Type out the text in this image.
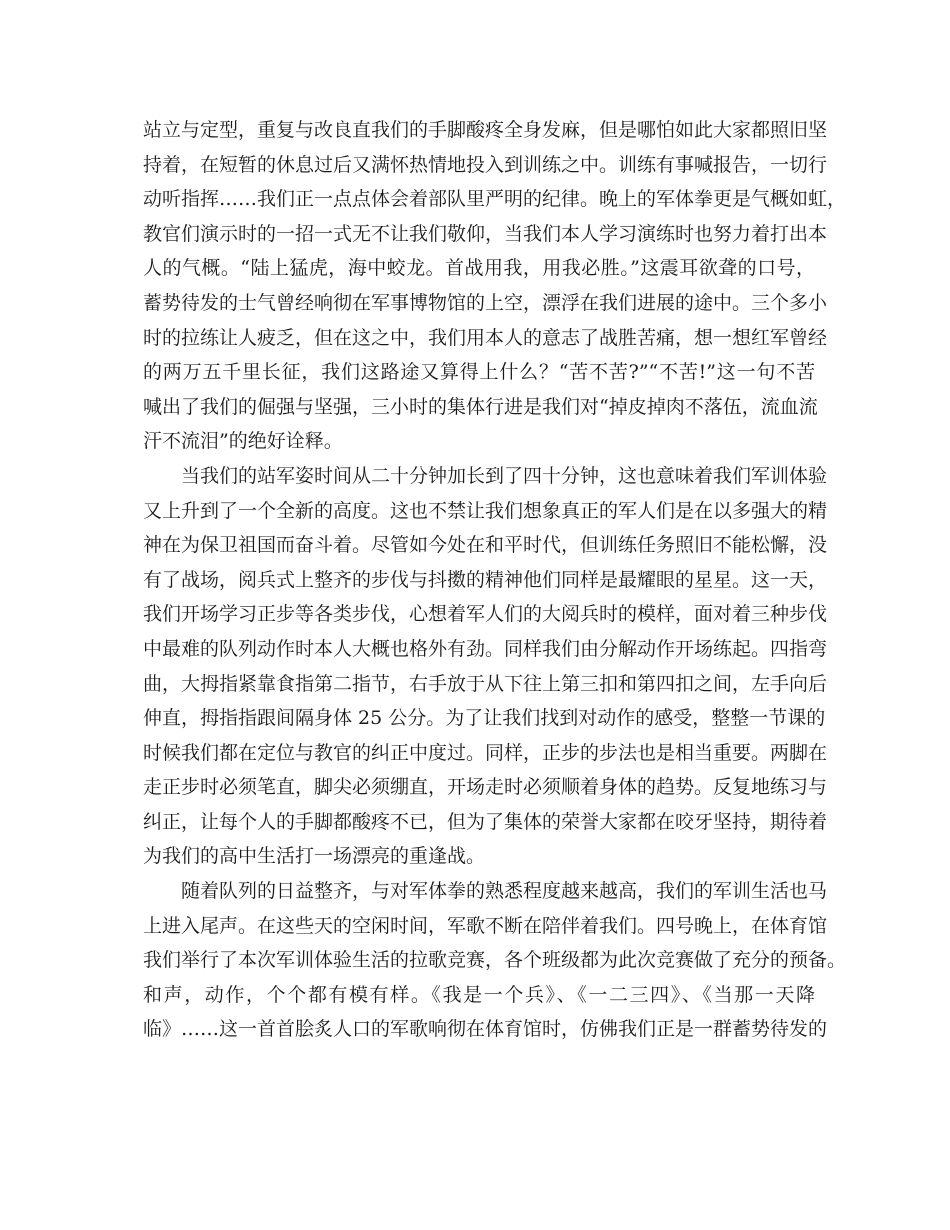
站立与定型，重复与改良直我们的手脚酸疼全身发麻，但是哪怕如此大家都照旧坚
持着，在短暂的休息过后又满怀热情地投入到训练之中。训练有事喊报告，一切行
动听指挥……我们正一点点体会着部队里严明的纪律。晚上的军体拳更是气概如虹，
教官们演示时的一招一式无不让我们敬仰，当我们本人学习演练时也努力着打出本
人的气概。“陆上猛虎，海中蛟龙。首战用我，用我必胜。”这震耳欲聋的口号，
蓄势待发的士气曾经响彻在军事博物馆的上空，漂浮在我们进展的途中。三个多小
时的拉练让人疲乏，但在这之中，我们用本人的意志了战胜苦痛，想一想红军曾经
的两万五千里长征，我们这路途又算得上什么？“苦不苦?”“不苦!”这一句不苦
喊出了我们的倔强与坚强，三小时的集体行进是我们对“掉皮掉肉不落伍，流血流
汗不流泪”的绝好诠释。
　　当我们的站军姿时间从二十分钟加长到了四十分钟，这也意味着我们军训体验
又上升到了一个全新的高度。这也不禁让我们想象真正的军人们是在以多强大的精
神在为保卫祖国而奋斗着。尽管如今处在和平时代，但训练任务照旧不能松懈，没
有了战场，阅兵式上整齐的步伐与抖擞的精神他们同样是最耀眼的星星。这一天，
我们开场学习正步等各类步伐，心想着军人们的大阅兵时的模样，面对着三种步伐
中最难的队列动作时本人大概也格外有劲。同样我们由分解动作开场练起。四指弯
曲，大拇指紧靠食指第二指节，右手放于从下往上第三扣和第四扣之间，左手向后
伸直，拇指指跟间隔身体 25 公分。为了让我们找到对动作的感受，整整一节课的
时候我们都在定位与教官的纠正中度过。同样，正步的步法也是相当重要。两脚在
走正步时必须笔直，脚尖必须绷直，开场走时必须顺着身体的趋势。反复地练习与
纠正，让每个人的手脚都酸疼不已，但为了集体的荣誉大家都在咬牙坚持，期待着
为我们的高中生活打一场漂亮的重逢战。
　　随着队列的日益整齐，与对军体拳的熟悉程度越来越高，我们的军训生活也马
上进入尾声。在这些天的空闲时间，军歌不断在陪伴着我们。四号晚上，在体育馆
我们举行了本次军训体验生活的拉歌竞赛，各个班级都为此次竞赛做了充分的预备。
和声，动作，个个都有模有样。《我是一个兵》、《一二三四》、《当那一天降
临》……这一首首脍炙人口的军歌响彻在体育馆时，仿佛我们正是一群蓄势待发的
